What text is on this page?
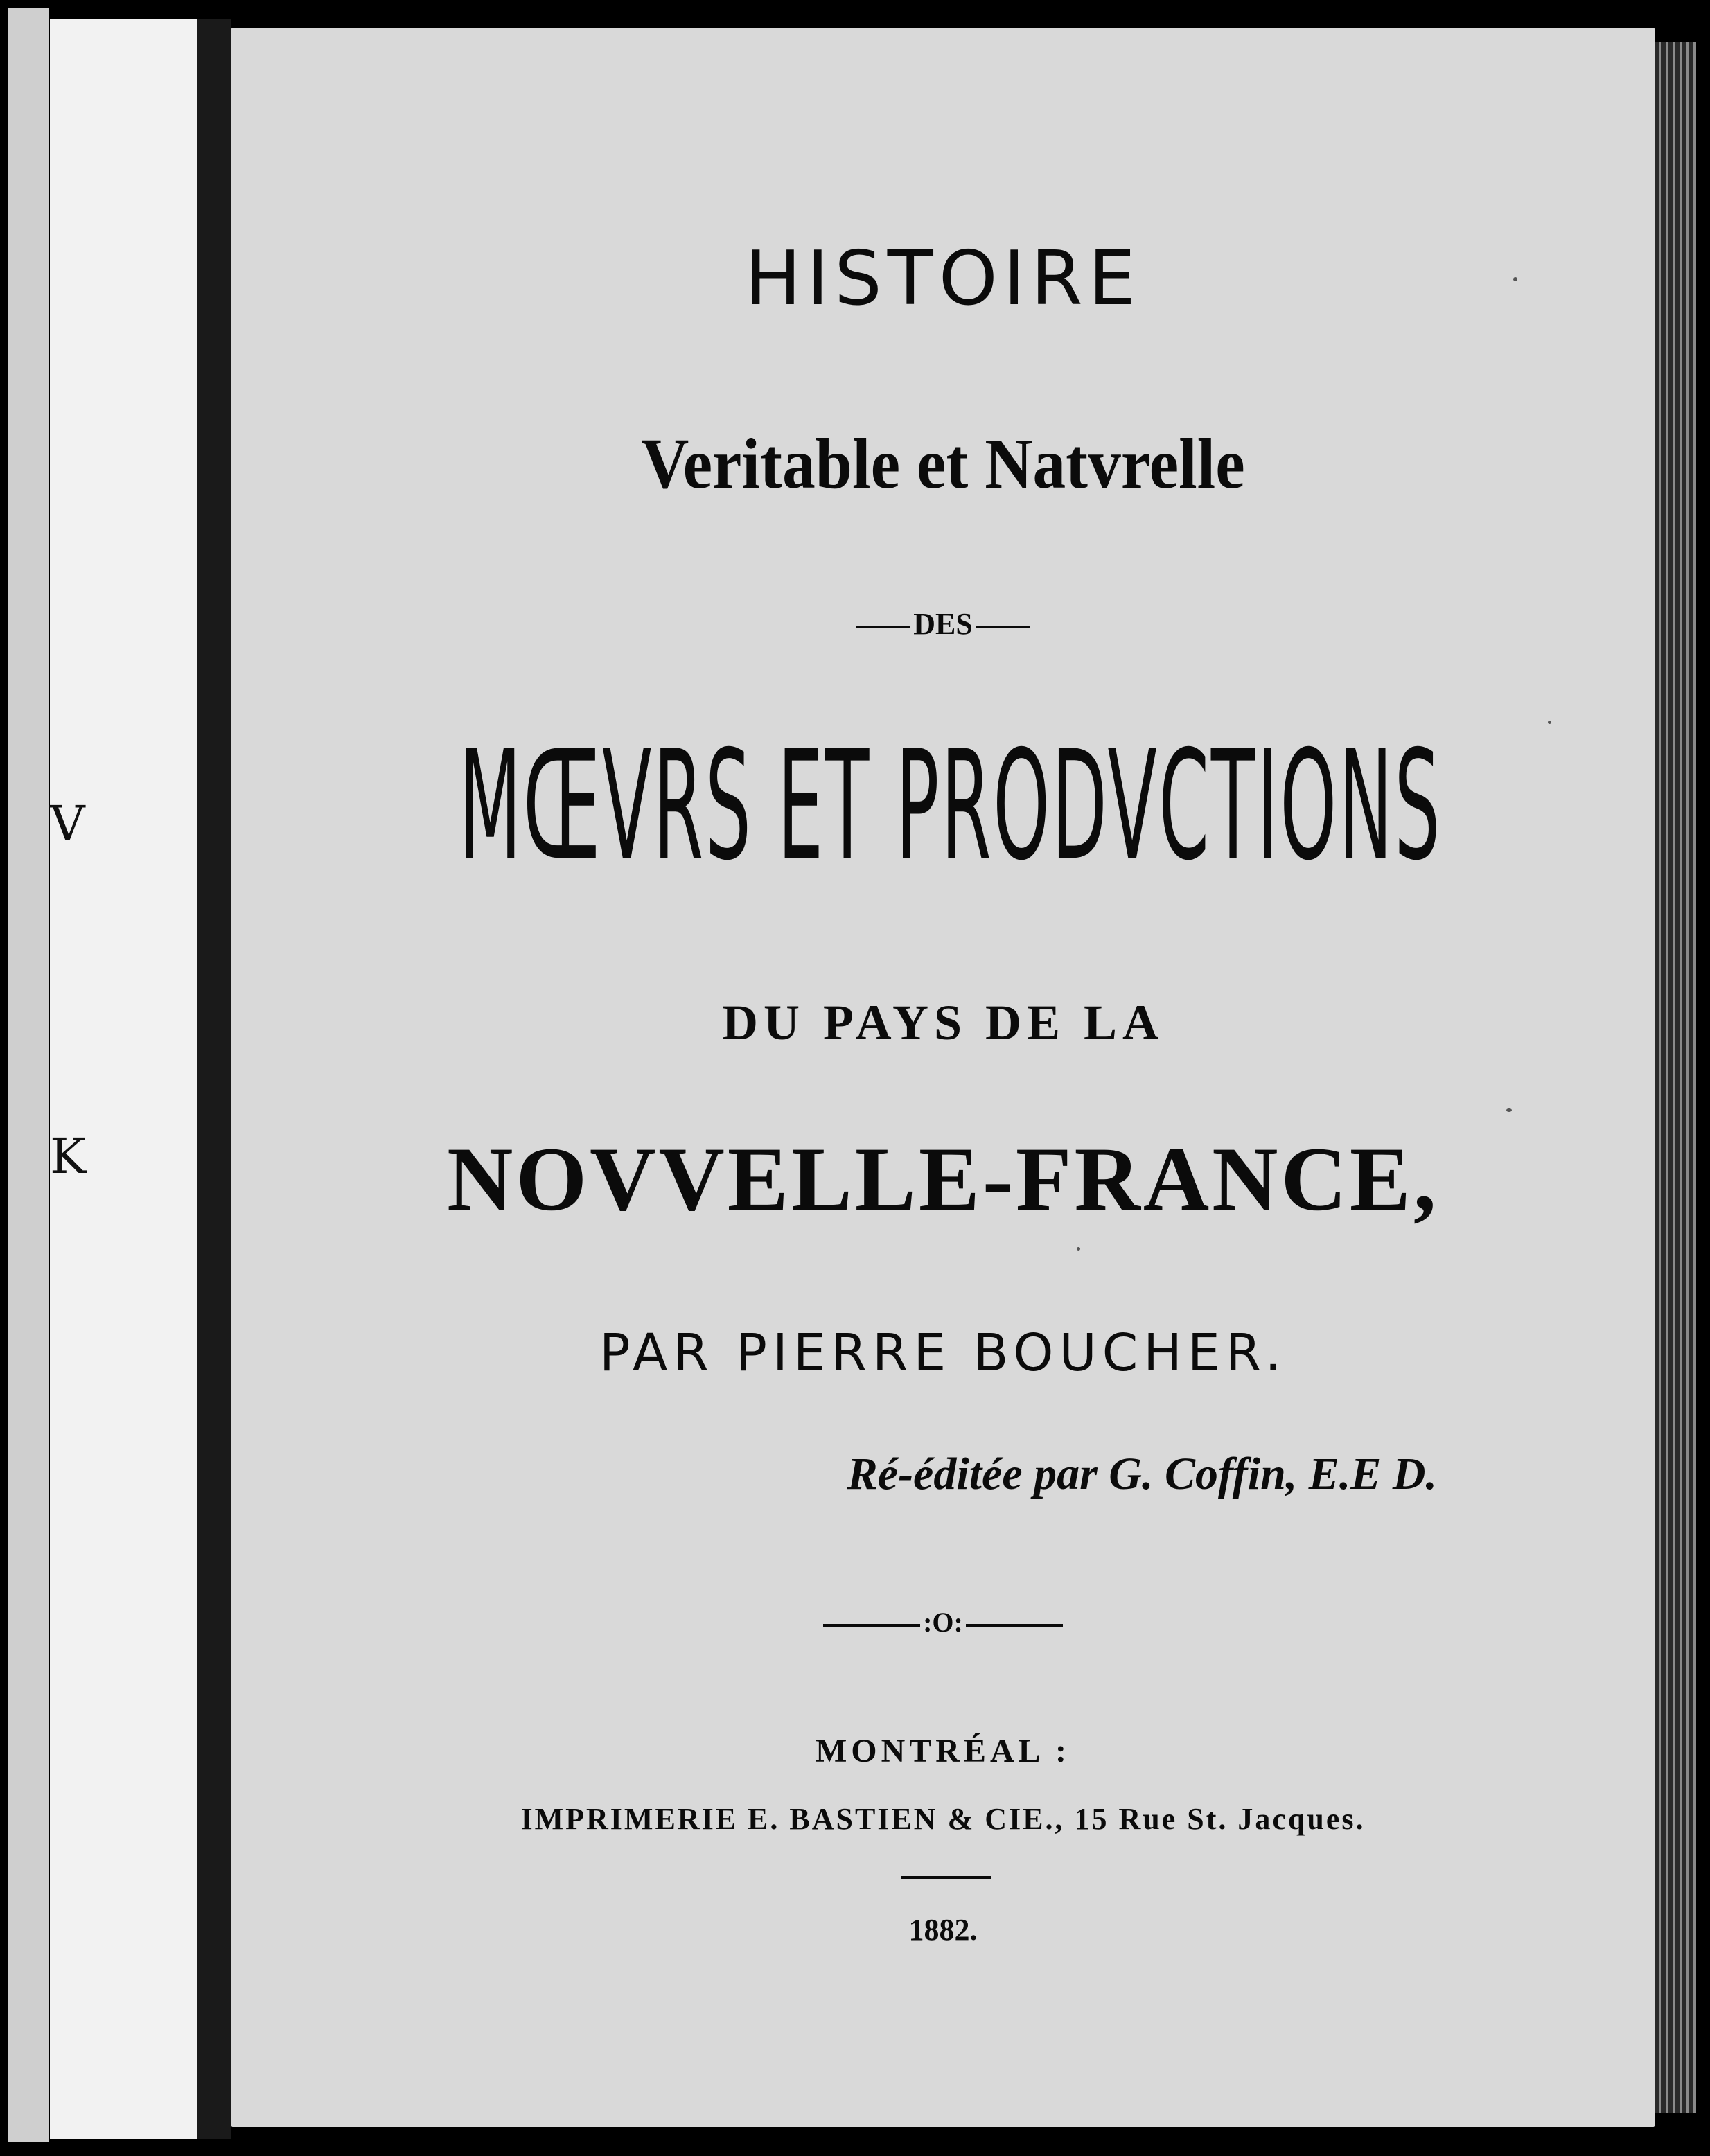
V
K
HISTOIRE
Veritable et Natvrelle
DES
MŒVRS ET PRODVCTIONS
DU PAYS DE LA
NOVVELLE-FRANCE,
PAR PIERRE BOUCHER.
Ré-éditée par G. Coffin, E.E D.
:O:
MONTRÉAL :
IMPRIMERIE E. BASTIEN & CIE., 15 Rue St. Jacques.
1882.
